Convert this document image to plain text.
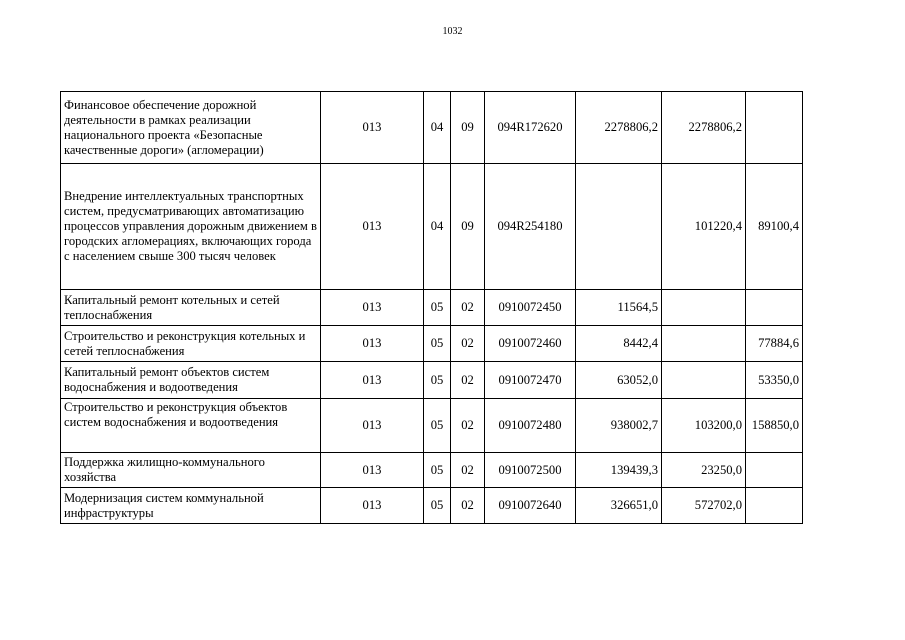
1032
Финансовое обеспечение дорожной деятельности в рамках реализации национального проекта «Безопасные качественные дороги» (агломерации)	013	04	09	094R172620	2278806,2	2278806,2	
Внедрение интеллектуальных транспортных систем, предусматривающих автоматизацию процессов управления дорожным движением в городских агломерациях, включающих города с населением свыше 300 тысяч человек	013	04	09	094R254180		101220,4	89100,4
Капитальный ремонт котельных и сетей теплоснабжения	013	05	02	0910072450	11564,5		
Строительство и реконструкция котельных и сетей теплоснабжения	013	05	02	0910072460	8442,4		77884,6
Капитальный ремонт объектов систем водоснабжения и водоотведения	013	05	02	0910072470	63052,0		53350,0
Строительство и реконструкция объектов систем водоснабжения и водоотведения	013	05	02	0910072480	938002,7	103200,0	158850,0
Поддержка жилищно-коммунального хозяйства	013	05	02	0910072500	139439,3	23250,0	
Модернизация систем коммунальной инфраструктуры	013	05	02	0910072640	326651,0	572702,0	
